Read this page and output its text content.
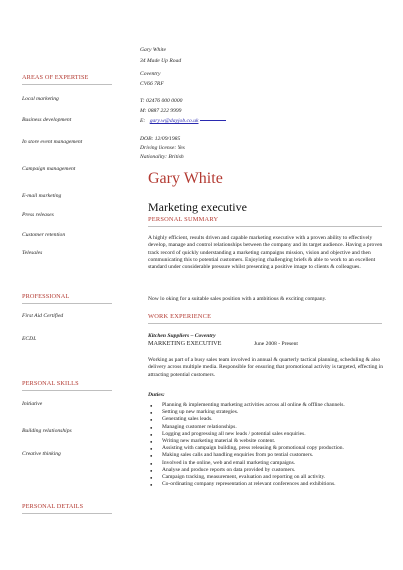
Gary White
34 Made Up Road
Coventry
CV66 7RF
T: 02476 000 0000
M: 0887 222 9999
E: gary.w@dayjob.co.uk
DOB: 12/09/1985
Driving license: Yes
Nationality: British
AREAS OF EXPERTISE
Local marketing
Business development
In store event management
Campaign management
E-mail marketing
Press releases
Customer retention
Telesales
PROFESSIONAL
First Aid Certified
ECDL
PERSONAL SKILLS
Initiative
Building relationships
Creative thinking
PERSONAL DETAILS
Gary White
Marketing executive
PERSONAL SUMMARY
A highly efficient, results driven and capable marketing executive with a proven ability to effectively develop, manage and control relationships between the company and its target audience. Having a proven track record of quickly understanding a marketing campaigns mission, vision and objective and then communicating this to potential customers. Enjoying challenging briefs & able to work to an excellent standard under considerable pressure whilst presenting a positive image to clients & colleagues.
Now lo oking for a suitable sales position with a ambitious & exciting company.
WORK EXPERIENCE
Kitchen Suppliers – Coventry
MARKETING EXECUTIVE	June 2008 - Present
Working as part of a busy sales team involved in annual & quarterly tactical planning, scheduling & also delivery across multiple media. Responsible for ensuring that promotional activity is targeted, effecting in attracting potential customers.
Duties:
● Planning & implementing marketing activities across all online & offline channels.
● Setting up new marking strategies.
● Generating sales leads.
● Managing customer relationships.
● Logging and progressing all new leads / potential sales enquiries.
● Writing new marketing material & website content.
● Assisting with campaign building, press releasing & promotional copy production.
● Making sales calls and handling enquiries from po tential customers.
● Involved in the online, web and email marketing campaigns.
● Analyse and produce reports on data provided by customers.
● Campaign tracking, measurement, evaluation and reporting on all activity.
● Co-ordinating company representation at relevant conferences and exhibitions.
